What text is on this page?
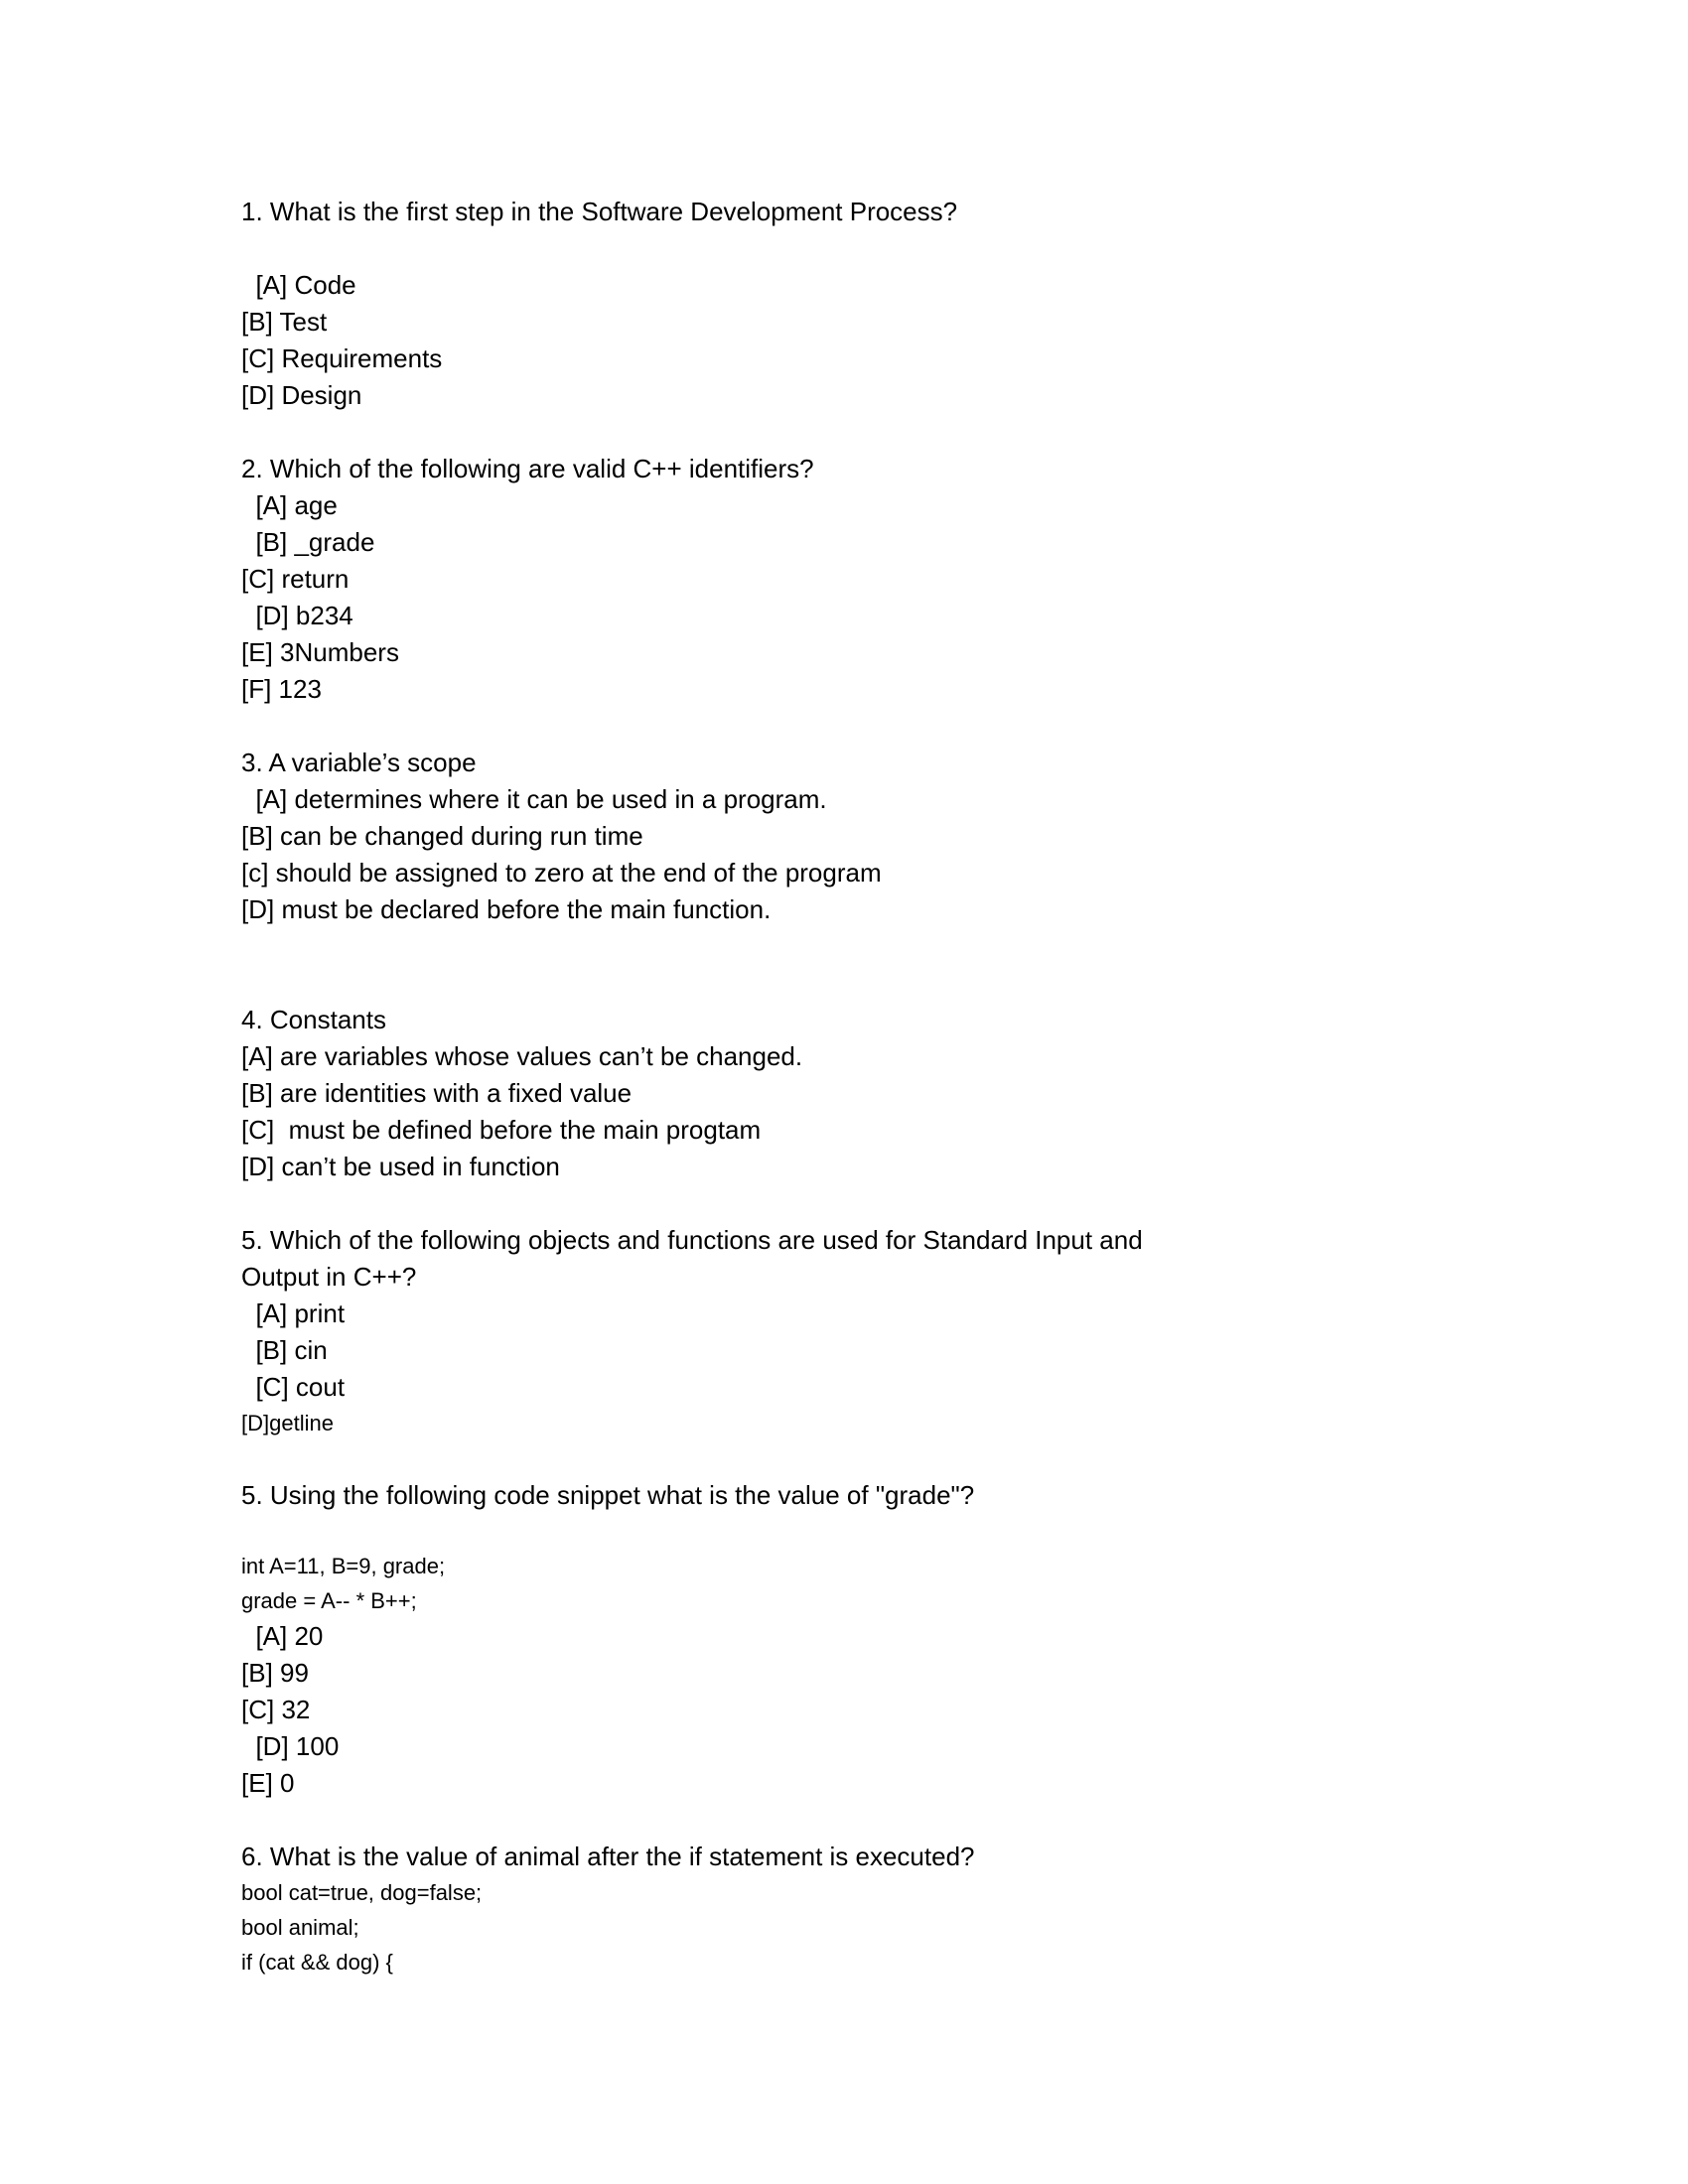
1. What is the first step in the Software Development Process?
[A] Code
[B] Test
[C] Requirements
[D] Design
2. Which of the following are valid C++ identifiers?
[A] age
[B] _grade
[C] return
[D] b234
[E] 3Numbers
[F] 123
3. A variable’s scope
[A] determines where it can be used in a program.
[B] can be changed during run time
[c] should be assigned to zero at the end of the program
[D] must be declared before the main function.
4. Constants
[A] are variables whose values can’t be changed.
[B] are identities with a fixed value
[C]  must be defined before the main progtam
[D] can’t be used in function
5. Which of the following objects and functions are used for Standard Input and
Output in C++?
[A] print
[B] cin
[C] cout
[D]getline
5. Using the following code snippet what is the value of "grade"?
int A=11, B=9, grade;
grade = A-- * B++;
[A] 20
[B] 99
[C] 32
[D] 100
[E] 0
6. What is the value of animal after the if statement is executed?
bool cat=true, dog=false;
bool animal;
if (cat && dog) {
